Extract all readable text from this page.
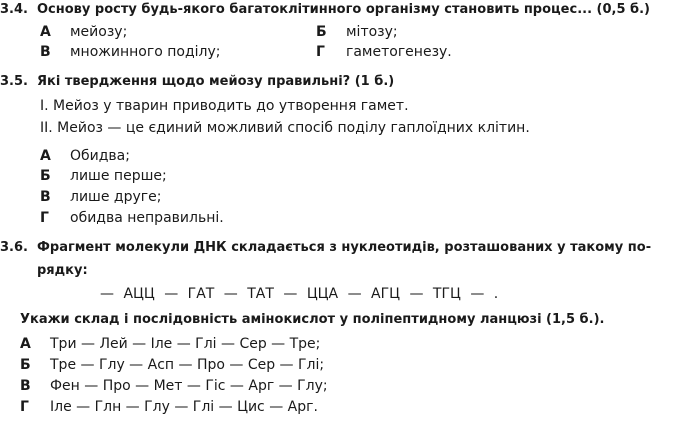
3.4. Основу росту будь-якого багатоклітинного організму становить процес... (0,5 б.)
А мейозу;	Б мітозу;
В множинного поділу;	Г гаметогенезу.
3.5. Які твердження щодо мейозу правильні? (1 б.)
І. Мейоз у тварин приводить до утворення гамет.
ІІ. Мейоз — це єдиний можливий спосіб поділу гаплоїдних клітин.
А Обидва;
Б лише перше;
В лише друге;
Г обидва неправильні.
3.6. Фрагмент молекули ДНК складається з нуклеотидів, розташованих у такому по-
рядку:
— АЦЦ — ГАТ — ТАТ — ЦЦА — АГЦ — ТГЦ — .
Укажи склад і послідовність амінокислот у поліпептидному ланцюзі (1,5 б.).
А Три — Лей — Іле — Глі — Сер — Тре;
Б Тре — Глу — Асп — Про — Сер — Глі;
В Фен — Про — Мет — Гіс — Арг — Глу;
Г Іле — Глн — Глу — Глі — Цис — Арг.
